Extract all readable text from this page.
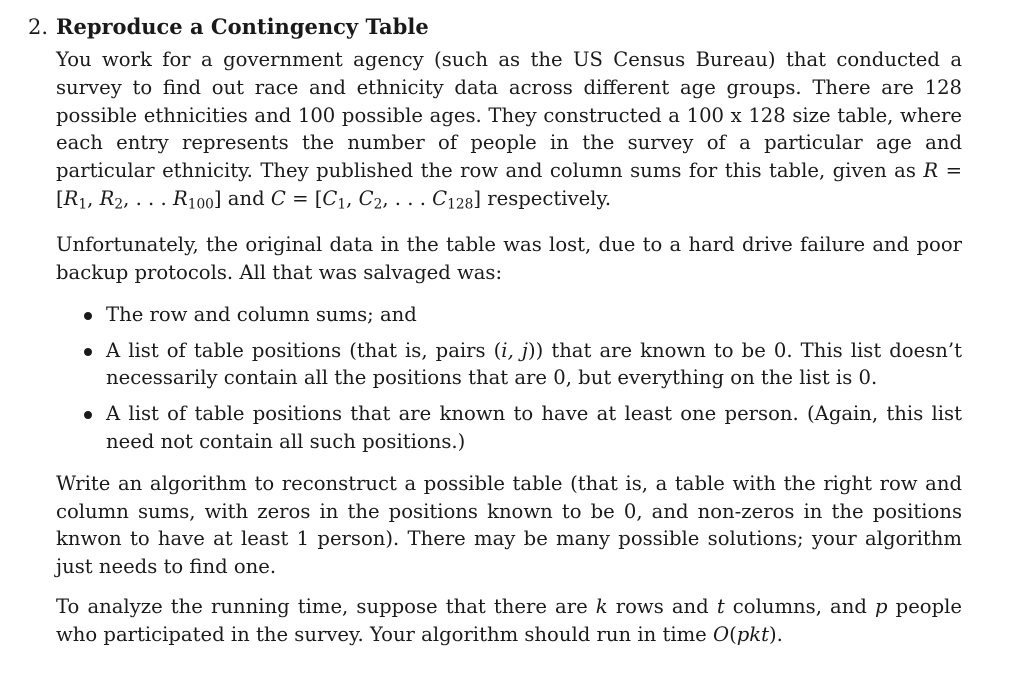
2. Reproduce a Contingency Table

You work for a government agency (such as the US Census Bureau) that conducted a survey to find out race and ethnicity data across different age groups. There are 128 possible ethnicities and 100 possible ages. They constructed a 100 x 128 size table, where each entry represents the number of people in the survey of a particular age and particular ethnicity. They published the row and column sums for this table, given as $R = [R_1$, $R_2$, . . . $R_{100}$] and $C = [C_1$, $C_2$, . . . $C_{128}$] respectively.

Unfortunately, the original data in the table was lost, due to a hard drive failure and poor backup protocols. All that was salvaged was:

The row and column sums; and
A list of table positions (that is, pairs (i, j)) that are known to be 0. This list doesn’t necessarily contain all the positions that are 0, but everything on the list is 0.
A list of table positions that are known to have at least one person. (Again, this list need not contain all such positions.)

Write an algorithm to reconstruct a possible table (that is, a table with the right row and column sums, with zeros in the positions known to be 0, and non-zeros in the positions knwon to have at least 1 person). There may be many possible solutions; your algorithm just needs to find one.

To analyze the running time, suppose that there are k rows and t columns, and p people who participated in the survey. Your algorithm should run in time O(pkt).
